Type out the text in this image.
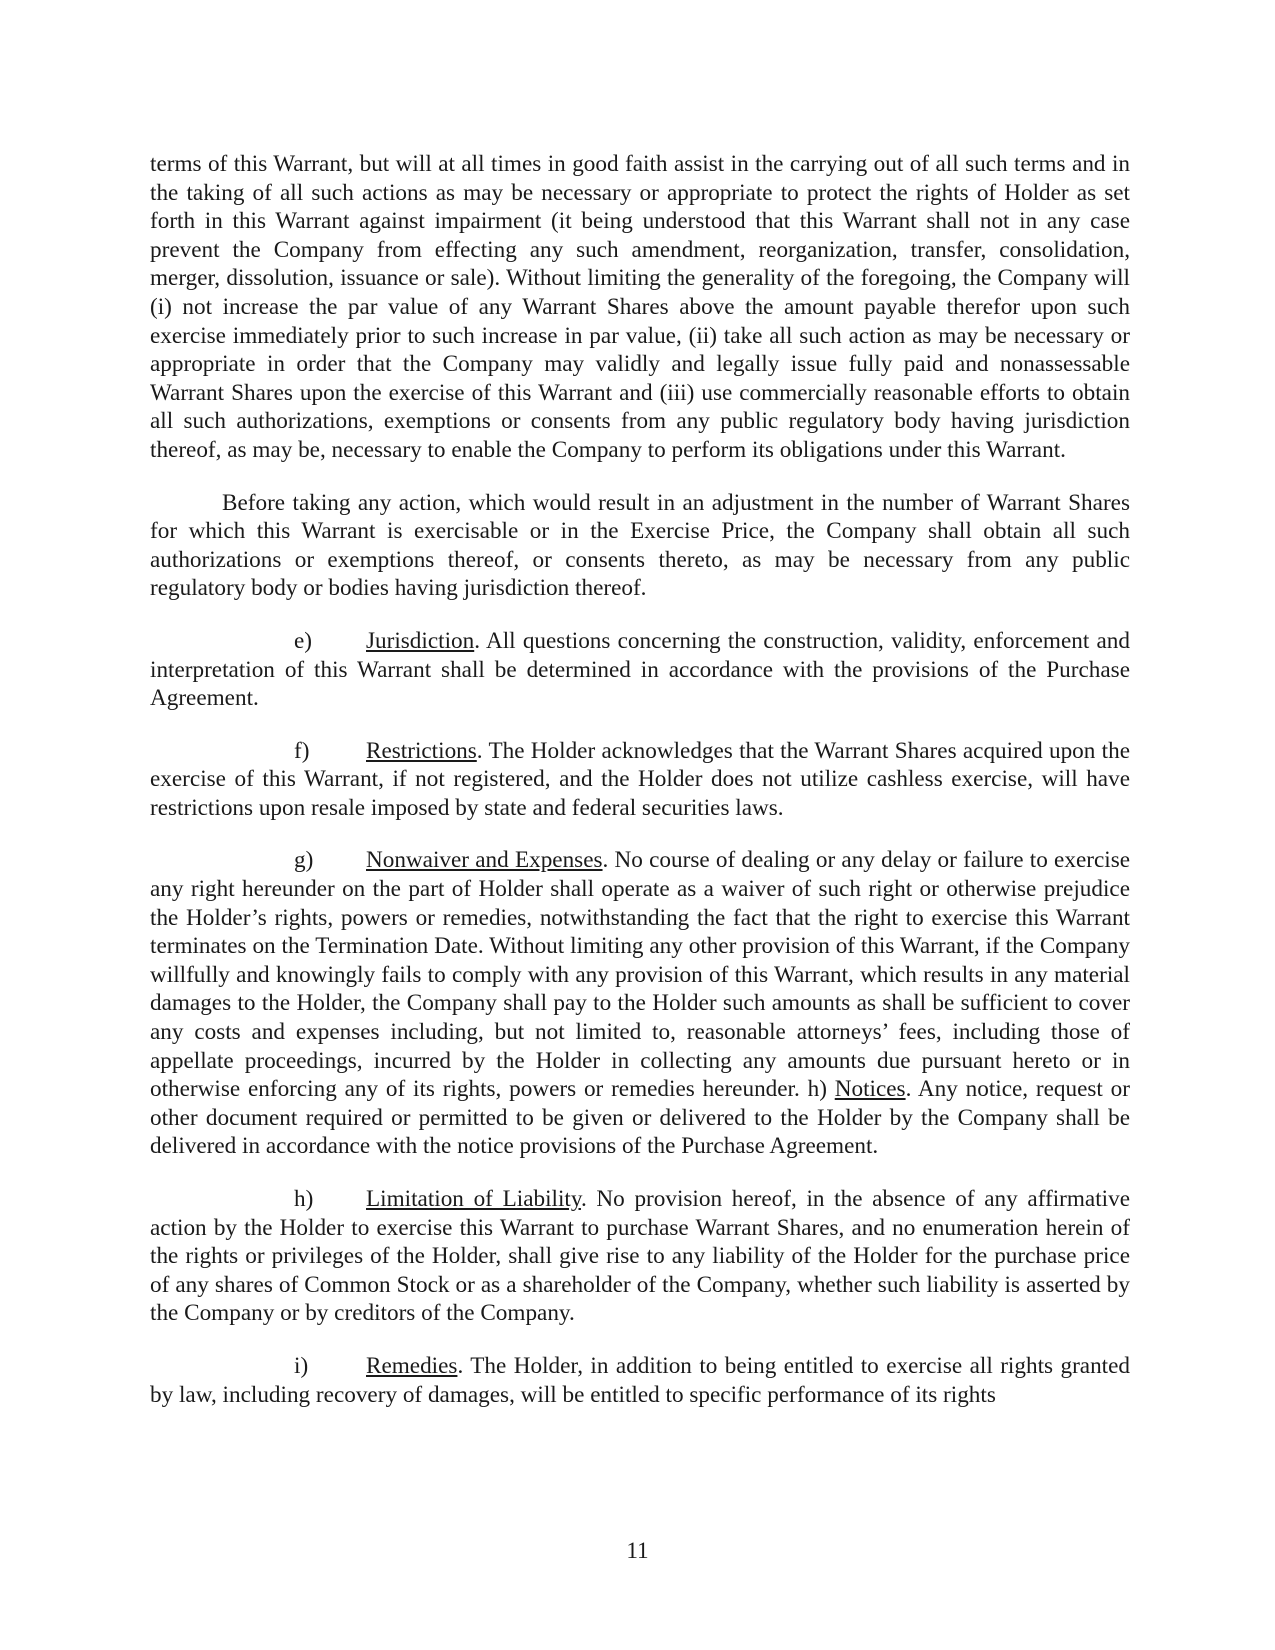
terms of this Warrant, but will at all times in good faith assist in the carrying out of all such terms and in the taking of all such actions as may be necessary or appropriate to protect the rights of Holder as set forth in this Warrant against impairment (it being understood that this Warrant shall not in any case prevent the Company from effecting any such amendment, reorganization, transfer, consolidation, merger, dissolution, issuance or sale). Without limiting the generality of the foregoing, the Company will (i) not increase the par value of any Warrant Shares above the amount payable therefor upon such exercise immediately prior to such increase in par value, (ii) take all such action as may be necessary or appropriate in order that the Company may validly and legally issue fully paid and nonassessable Warrant Shares upon the exercise of this Warrant and (iii) use commercially reasonable efforts to obtain all such authorizations, exemptions or consents from any public regulatory body having jurisdiction thereof, as may be, necessary to enable the Company to perform its obligations under this Warrant.

Before taking any action, which would result in an adjustment in the number of Warrant Shares for which this Warrant is exercisable or in the Exercise Price, the Company shall obtain all such authorizations or exemptions thereof, or consents thereto, as may be necessary from any public regulatory body or bodies having jurisdiction thereof.

e) Jurisdiction. All questions concerning the construction, validity, enforcement and interpretation of this Warrant shall be determined in accordance with the provisions of the Purchase Agreement.

f) Restrictions. The Holder acknowledges that the Warrant Shares acquired upon the exercise of this Warrant, if not registered, and the Holder does not utilize cashless exercise, will have restrictions upon resale imposed by state and federal securities laws.

g) Nonwaiver and Expenses. No course of dealing or any delay or failure to exercise any right hereunder on the part of Holder shall operate as a waiver of such right or otherwise prejudice the Holder’s rights, powers or remedies, notwithstanding the fact that the right to exercise this Warrant terminates on the Termination Date. Without limiting any other provision of this Warrant, if the Company willfully and knowingly fails to comply with any provision of this Warrant, which results in any material damages to the Holder, the Company shall pay to the Holder such amounts as shall be sufficient to cover any costs and expenses including, but not limited to, reasonable attorneys’ fees, including those of appellate proceedings, incurred by the Holder in collecting any amounts due pursuant hereto or in otherwise enforcing any of its rights, powers or remedies hereunder. h) Notices. Any notice, request or other document required or permitted to be given or delivered to the Holder by the Company shall be delivered in accordance with the notice provisions of the Purchase Agreement.

h) Limitation of Liability. No provision hereof, in the absence of any affirmative action by the Holder to exercise this Warrant to purchase Warrant Shares, and no enumeration herein of the rights or privileges of the Holder, shall give rise to any liability of the Holder for the purchase price of any shares of Common Stock or as a shareholder of the Company, whether such liability is asserted by the Company or by creditors of the Company.

i) Remedies. The Holder, in addition to being entitled to exercise all rights granted by law, including recovery of damages, will be entitled to specific performance of its rights

11
